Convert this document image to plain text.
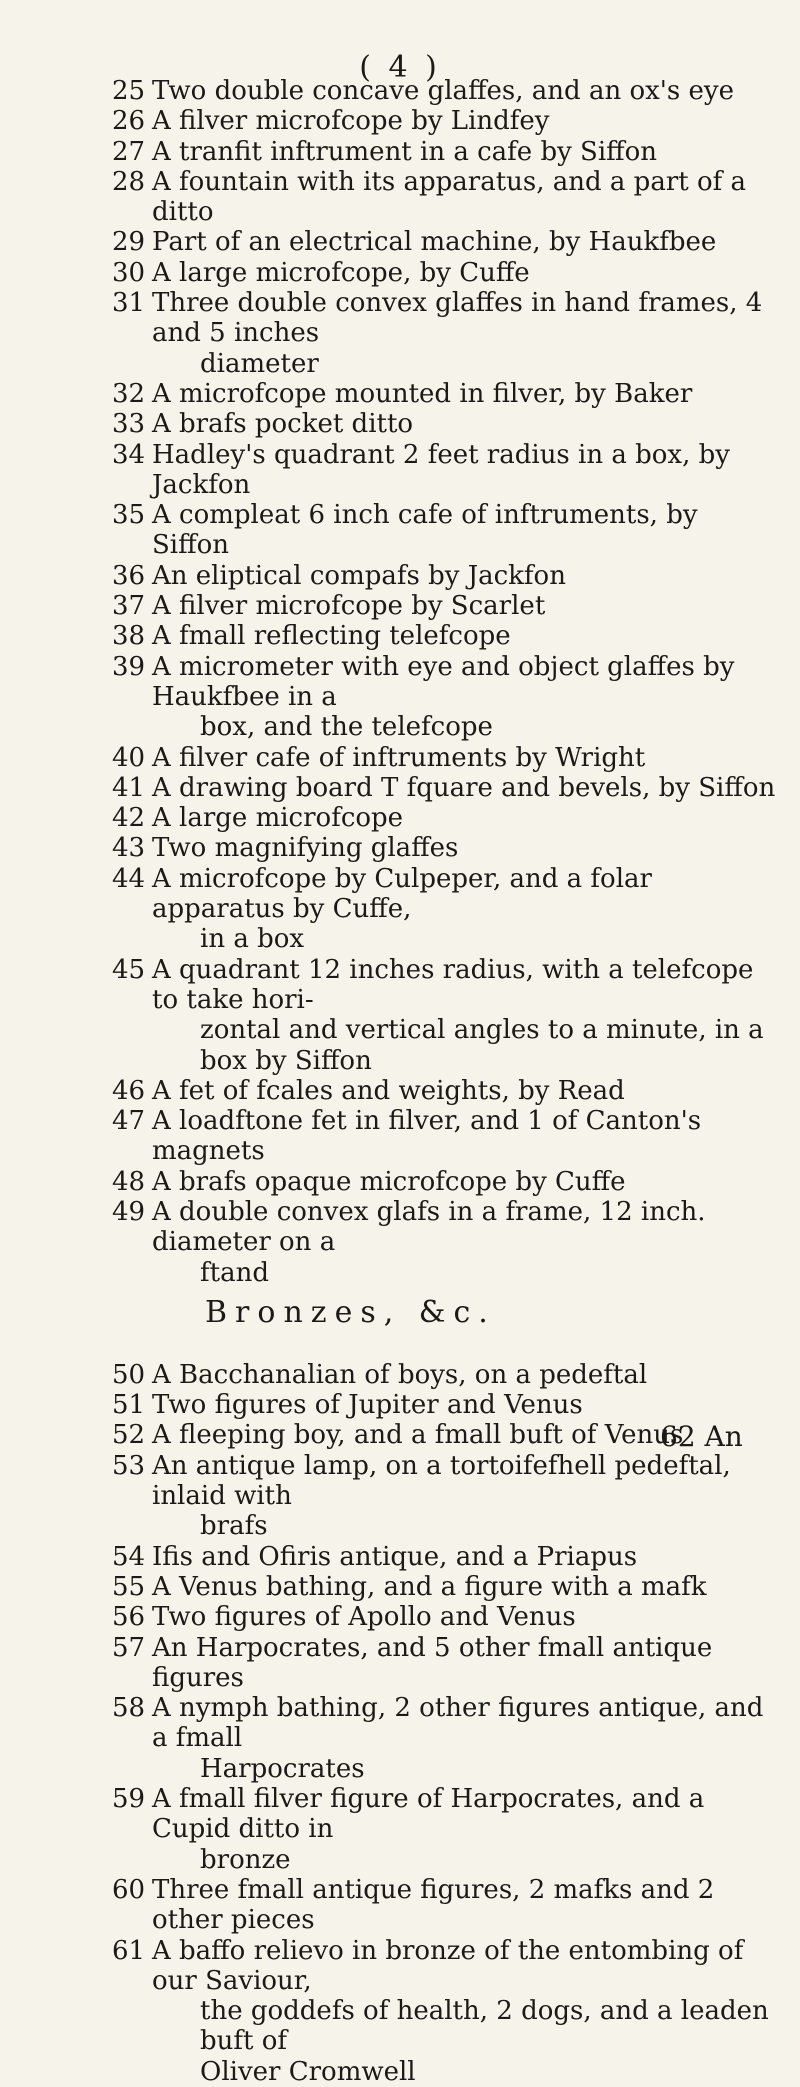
( 4 )
25 Two double concave glaffes, and an ox's eye
26 A filver microfcope by Lindfey
27 A tranfit inftrument in a cafe by Siffon
28 A fountain with its apparatus, and a part of a ditto
29 Part of an electrical machine, by Haukfbee
30 A large microfcope, by Cuffe
31 Three double convex glaffes in hand frames, 4 and 5 inches
diameter
32 A microfcope mounted in filver, by Baker
33 A brafs pocket ditto
34 Hadley's quadrant 2 feet radius in a box, by Jackfon
35 A compleat 6 inch cafe of inftruments, by Siffon
36 An eliptical compafs by Jackfon
37 A filver microfcope by Scarlet
38 A fmall reflecting telefcope
39 A micrometer with eye and object glaffes by Haukfbee in a
box, and the telefcope
40 A filver cafe of inftruments by Wright
41 A drawing board T fquare and bevels, by Siffon
42 A large microfcope
43 Two magnifying glaffes
44 A microfcope by Culpeper, and a folar apparatus by Cuffe,
in a box
45 A quadrant 12 inches radius, with a telefcope to take hori-
zontal and vertical angles to a minute, in a box by Siffon
46 A fet of fcales and weights, by Read
47 A loadftone fet in filver, and 1 of Canton's magnets
48 A brafs opaque microfcope by Cuffe
49 A double convex glafs in a frame, 12 inch. diameter on a
ftand
Bronzes, &c.
50 A Bacchanalian of boys, on a pedeftal
51 Two figures of Jupiter and Venus
52 A fleeping boy, and a fmall buft of Venus
53 An antique lamp, on a tortoifefhell pedeftal, inlaid with
brafs
54 Ifis and Ofiris antique, and a Priapus
55 A Venus bathing, and a figure with a mafk
56 Two figures of Apollo and Venus
57 An Harpocrates, and 5 other fmall antique figures
58 A nymph bathing, 2 other figures antique, and a fmall
Harpocrates
59 A fmall filver figure of Harpocrates, and a Cupid ditto in
bronze
60 Three fmall antique figures, 2 mafks and 2 other pieces
61 A baffo relievo in bronze of the entombing of our Saviour,
the goddefs of health, 2 dogs, and a leaden buft of
Oliver Cromwell
62 An
